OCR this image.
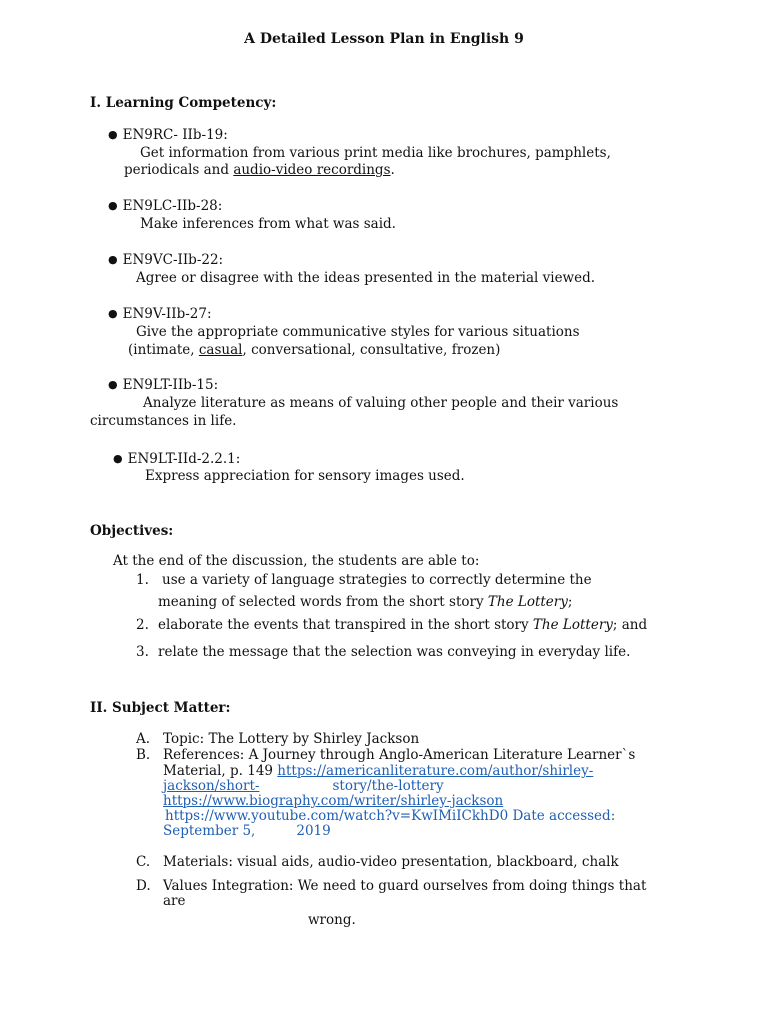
A Detailed Lesson Plan in English 9
I. Learning Competency:
● EN9RC- IIb-19:
Get information from various print media like brochures, pamphlets,
periodicals and audio-video recordings.
● EN9LC-IIb-28:
Make inferences from what was said.
● EN9VC-IIb-22:
Agree or disagree with the ideas presented in the material viewed.
● EN9V-IIb-27:
Give the appropriate communicative styles for various situations
(intimate, casual, conversational, consultative, frozen)
● EN9LT-IIb-15:
Analyze literature as means of valuing other people and their various
circumstances in life.
● EN9LT-IId-2.2.1:
Express appreciation for sensory images used.
Objectives:
At the end of the discussion, the students are able to:
1. use a variety of language strategies to correctly determine the
meaning of selected words from the short story The Lottery;
2. elaborate the events that transpired in the short story The Lottery; and
3. relate the message that the selection was conveying in everyday life.
II. Subject Matter:
A. Topic: The Lottery by Shirley Jackson
B. References: A Journey through Anglo-American Literature Learner`s
Material, p. 149 https://americanliterature.com/author/shirley-
jackson/short-	story/the-lottery
https://www.biography.com/writer/shirley-jackson
https://www.youtube.com/watch?v=KwIMiICkhD0 Date accessed:
September 5,	2019
C. Materials: visual aids, audio-video presentation, blackboard, chalk
D. Values Integration: We need to guard ourselves from doing things that
are
wrong.
